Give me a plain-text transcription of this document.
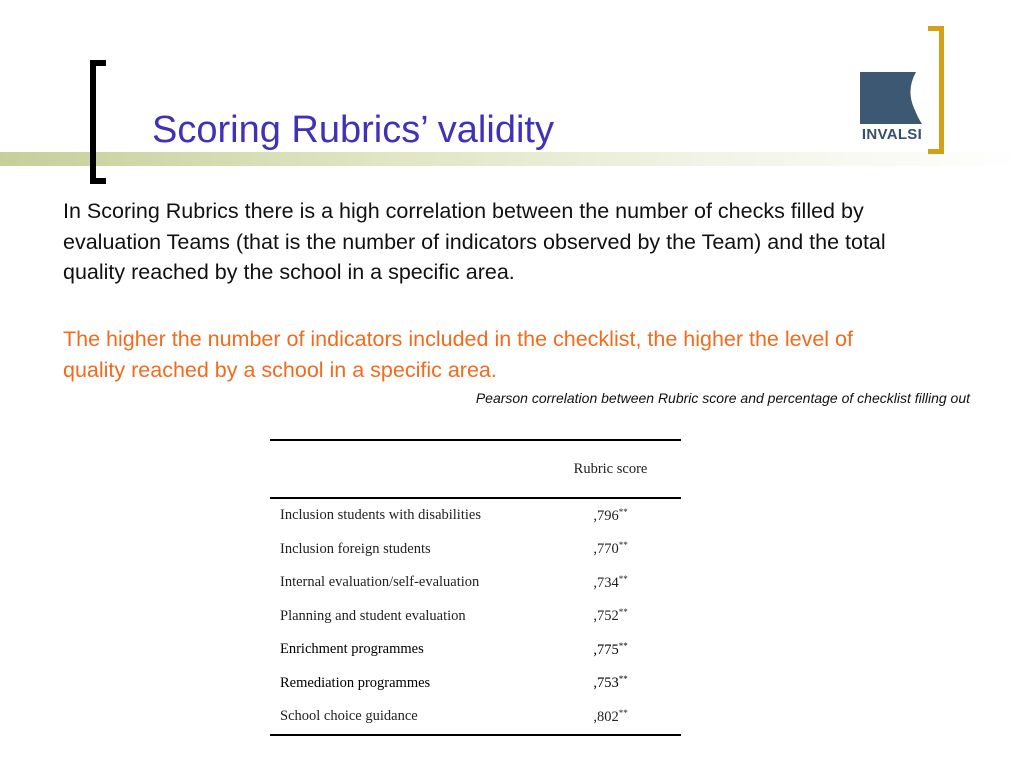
Scoring Rubrics’ validity	INVALSI

In Scoring Rubrics there is a high correlation between the number of checks filled by evaluation Teams (that is the number of indicators observed by the Team) and the total quality reached by the school in a specific area.

The higher the number of indicators included in the checklist, the higher the level of quality reached by a school in a specific area.

Pearson correlation between Rubric score and percentage of checklist filling out

	Rubric score
Inclusion students with disabilities	,796**
Inclusion foreign students	,770**
Internal evaluation/self-evaluation	,734**
Planning and student evaluation	,752**
Enrichment programmes	,775**
Remediation programmes	,753**
School choice guidance	,802**
